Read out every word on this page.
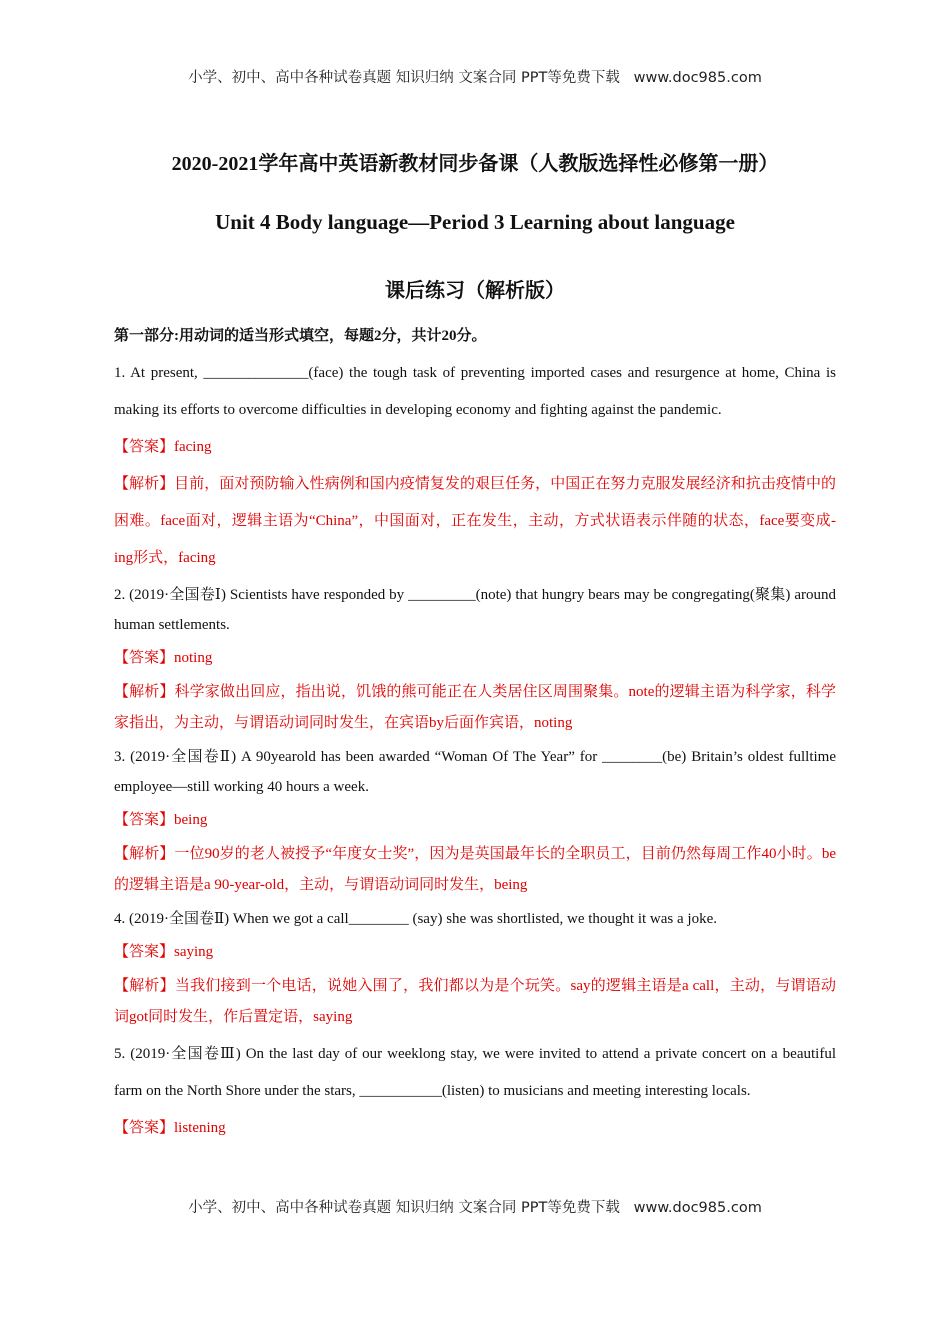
小学、初中、高中各种试卷真题 知识归纳 文案合同 PPT等免费下载 www.doc985.com
2020-2021学年高中英语新教材同步备课（人教版选择性必修第一册）
Unit 4 Body language—Period 3 Learning about language
课后练习（解析版）

第一部分:用动词的适当形式填空，每题2分，共计20分。

1. At present, ______________(face) the tough task of preventing imported cases and resurgence at home, China is making its efforts to overcome difficulties in developing economy and fighting against the pandemic.

【答案】facing

【解析】目前，面对预防输入性病例和国内疫情复发的艰巨任务，中国正在努力克服发展经济和抗击疫情中的困难。face面对，逻辑主语为“China”，中国面对，正在发生，主动，方式状语表示伴随的状态，face要变成-ing形式，facing

2. (2019·全国卷Ⅰ) Scientists have responded by _________(note) that hungry bears may be congregating(聚集) around human settlements.

【答案】noting

【解析】科学家做出回应，指出说，饥饿的熊可能正在人类居住区周围聚集。note的逻辑主语为科学家，科学家指出，为主动，与谓语动词同时发生，在宾语by后面作宾语，noting

3. (2019·全国卷Ⅱ) A 90yearold has been awarded “Woman Of The Year” for ________(be) Britain’s oldest fulltime employee—still working 40 hours a week.

【答案】being

【解析】一位90岁的老人被授予“年度女士奖”，因为是英国最年长的全职员工，目前仍然每周工作40小时。be的逻辑主语是a 90-year-old，主动，与谓语动词同时发生，being

4. (2019·全国卷Ⅱ) When we got a call________ (say) she was shortlisted, we thought it was a joke.

【答案】saying

【解析】当我们接到一个电话，说她入围了，我们都以为是个玩笑。say的逻辑主语是a call，主动，与谓语动词got同时发生，作后置定语，saying

5. (2019·全国卷Ⅲ) On the last day of our weeklong stay, we were invited to attend a private concert on a beautiful farm on the North Shore under the stars, ___________(listen) to musicians and meeting interesting locals.

【答案】listening

小学、初中、高中各种试卷真题 知识归纳 文案合同 PPT等免费下载 www.doc985.com
